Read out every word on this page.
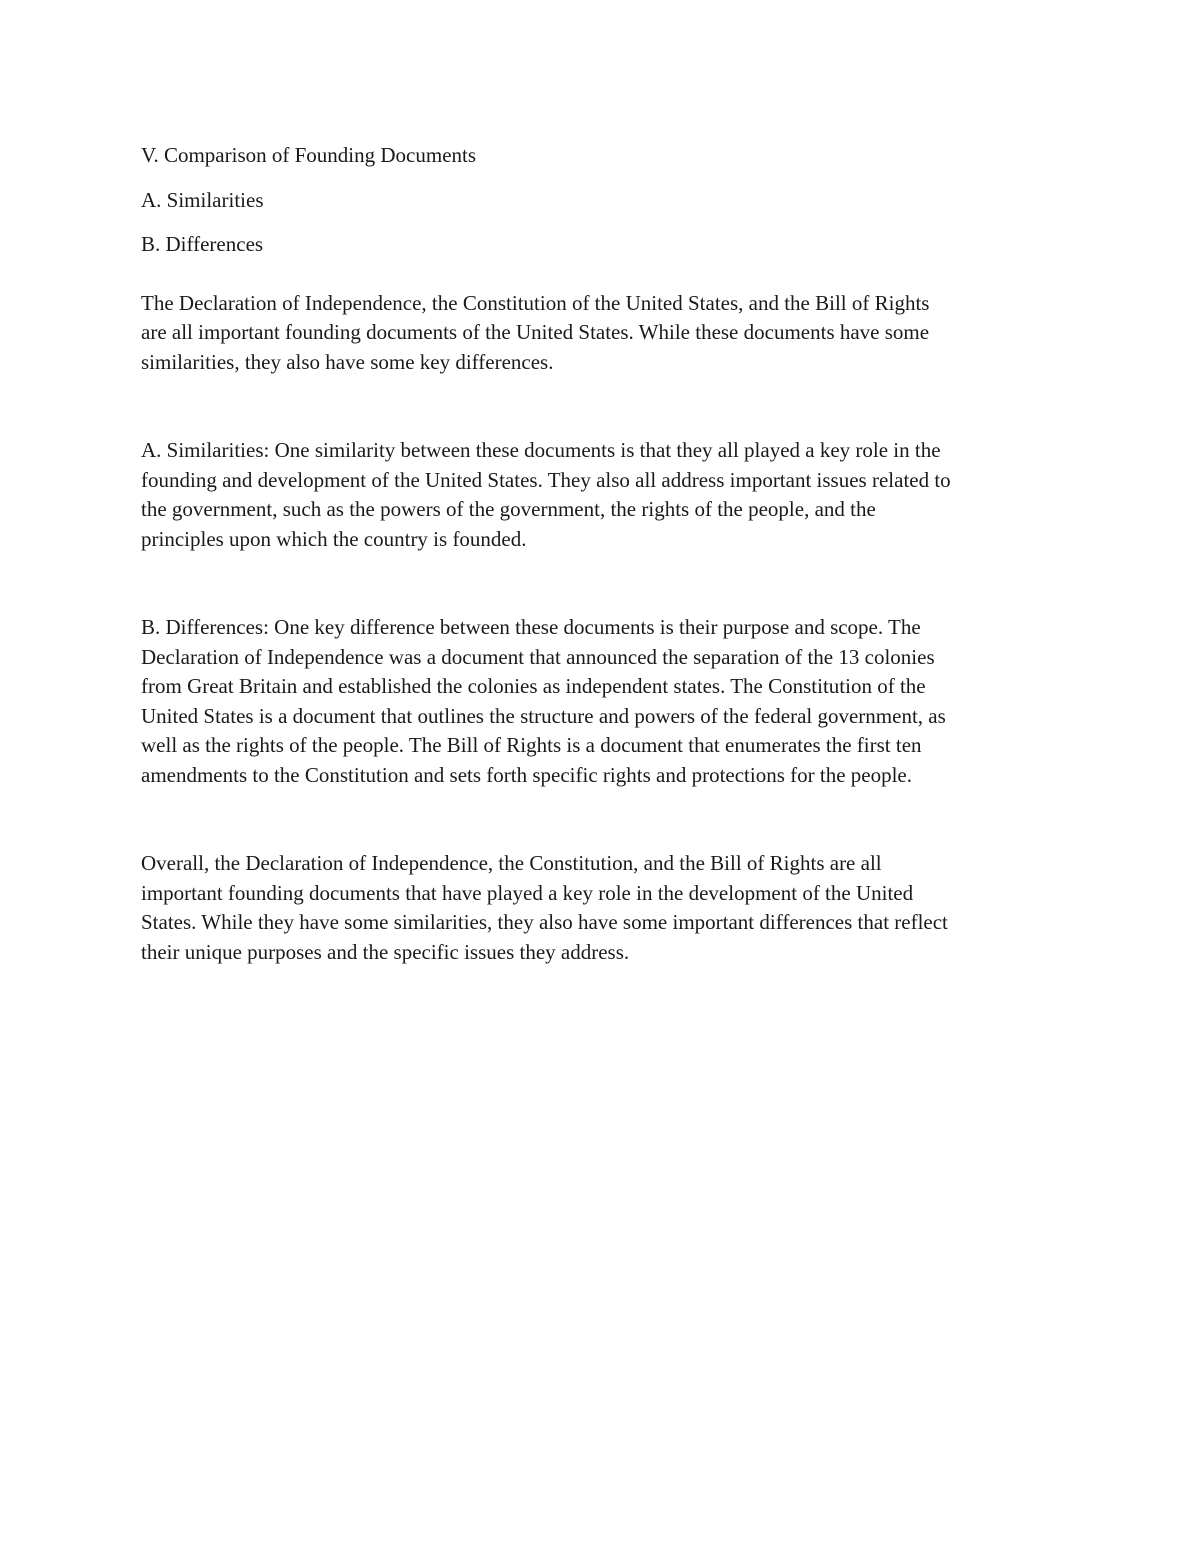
V. Comparison of Founding Documents

A. Similarities

B. Differences

The Declaration of Independence, the Constitution of the United States, and the Bill of Rights
are all important founding documents of the United States. While these documents have some
similarities, they also have some key differences.

A. Similarities: One similarity between these documents is that they all played a key role in the
founding and development of the United States. They also all address important issues related to
the government, such as the powers of the government, the rights of the people, and the
principles upon which the country is founded.

B. Differences: One key difference between these documents is their purpose and scope. The
Declaration of Independence was a document that announced the separation of the 13 colonies
from Great Britain and established the colonies as independent states. The Constitution of the
United States is a document that outlines the structure and powers of the federal government, as
well as the rights of the people. The Bill of Rights is a document that enumerates the first ten
amendments to the Constitution and sets forth specific rights and protections for the people.

Overall, the Declaration of Independence, the Constitution, and the Bill of Rights are all
important founding documents that have played a key role in the development of the United
States. While they have some similarities, they also have some important differences that reflect
their unique purposes and the specific issues they address.
